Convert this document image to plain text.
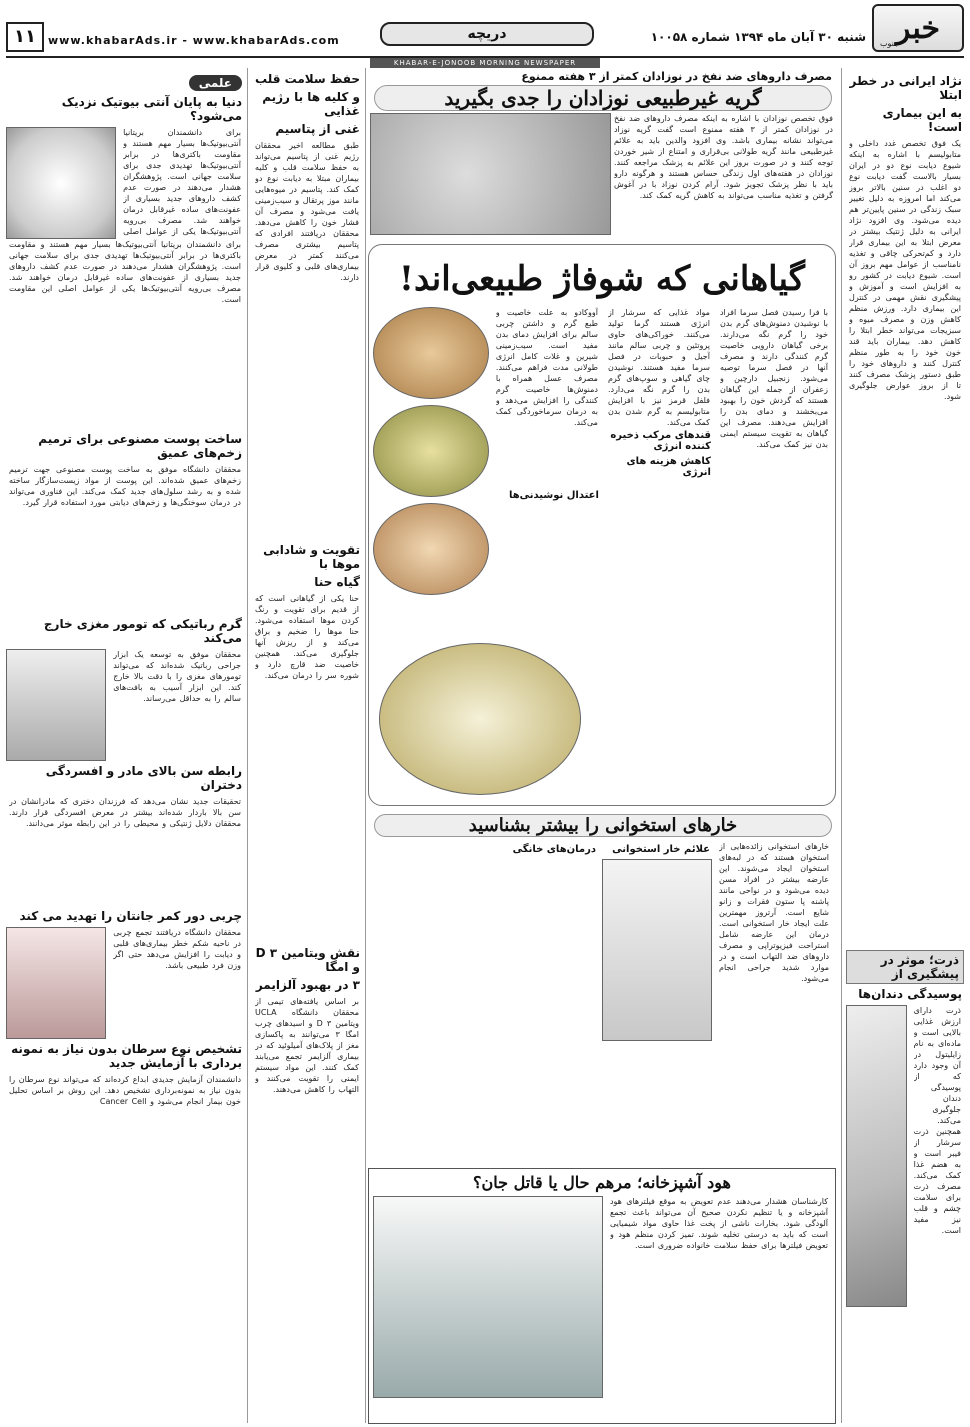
خبر
جنوب
شنبه ۳۰ آبان ماه ۱۳۹۴ شماره ۱۰۰۵۸
دریچه
www.khabarAds.ir - www.khabarAds.com
۱۱
KHABAR-E-JONOOB MORNING NEWSPAPER
نژاد ایرانی در خطر ابتلا
به این بیماری است!
یک فوق تخصص غدد داخلی و متابولیسم با اشاره به اینکه شیوع دیابت نوع دو در ایران بسیار بالاست گفت دیابت نوع دو اغلب در سنین بالاتر بروز می‌کند اما امروزه به دلیل تغییر سبک زندگی در سنین پایین‌تر هم دیده می‌شود. وی افزود نژاد ایرانی به دلیل ژنتیک بیشتر در معرض ابتلا به این بیماری قرار دارد و کم‌تحرکی چاقی و تغذیه نامناسب از عوامل مهم بروز آن است. شیوع دیابت در کشور رو به افزایش است و آموزش و پیشگیری نقش مهمی در کنترل این بیماری دارد. ورزش منظم کاهش وزن و مصرف میوه و سبزیجات می‌تواند خطر ابتلا را کاهش دهد. بیماران باید قند خون خود را به طور منظم کنترل کنند و داروهای خود را طبق دستور پزشک مصرف کنند تا از بروز عوارض جلوگیری شود.
ذرت؛ موثر در پیشگیری از
پوسیدگی دندان‌ها
ذرت دارای ارزش غذایی بالایی است و ماده‌ای به نام زایلیتول در آن وجود دارد که از پوسیدگی دندان جلوگیری می‌کند. همچنین ذرت سرشار از فیبر است و به هضم غذا کمک می‌کند. مصرف ذرت برای سلامت چشم و قلب نیز مفید است.
مصرف داروهای ضد نفخ در نوزادان کمتر از ۳ هفته ممنوع
گریه غیرطبیعی نوزادان را جدی بگیرید
فوق تخصص نوزادان با اشاره به اینکه مصرف داروهای ضد نفخ در نوزادان کمتر از ۳ هفته ممنوع است گفت گریه نوزاد می‌تواند نشانه بیماری باشد. وی افزود والدین باید به علائم غیرطبیعی مانند گریه طولانی بی‌قراری و امتناع از شیر خوردن توجه کنند و در صورت بروز این علائم به پزشک مراجعه کنند. نوزادان در هفته‌های اول زندگی حساس هستند و هرگونه دارو باید با نظر پزشک تجویز شود. آرام کردن نوزاد با در آغوش گرفتن و تغذیه مناسب می‌تواند به کاهش گریه کمک کند.
گیاهانی که شوفاژ طبیعی‌اند!
با فرا رسیدن فصل سرما افراد با نوشیدن دمنوش‌های گرم بدن خود را گرم نگه می‌دارند. برخی گیاهان دارویی خاصیت گرم کنندگی دارند و مصرف آنها در فصل سرما توصیه می‌شود. زنجبیل دارچین و زعفران از جمله این گیاهان هستند که گردش خون را بهبود می‌بخشند و دمای بدن را افزایش می‌دهند. مصرف این گیاهان به تقویت سیستم ایمنی بدن نیز کمک می‌کند.
مواد غذایی که سرشار از انرژی هستند گرما تولید می‌کنند. خوراکی‌های حاوی پروتئین و چربی سالم مانند آجیل و حبوبات در فصل سرما مفید هستند. نوشیدن چای گیاهی و سوپ‌های گرم بدن را گرم نگه می‌دارد. فلفل قرمز نیز با افزایش متابولیسم به گرم شدن بدن کمک می‌کند.
قندهای مرکب ذخیره کننده انرژی
کاهش هزینه های انرژی
آووکادو به علت خاصیت و طبع گرم و داشتن چربی سالم برای افزایش دمای بدن مفید است. سیب‌زمینی شیرین و غلات کامل انرژی طولانی مدت فراهم می‌کنند. مصرف عسل همراه با دمنوش‌ها خاصیت گرم کنندگی را افزایش می‌دهد و به درمان سرماخوردگی کمک می‌کند.
اعتدال نوشیدنی‌ها
خارهای استخوانی را بیشتر بشناسید
خارهای استخوانی زائده‌هایی از استخوان هستند که در لبه‌های استخوان ایجاد می‌شوند. این عارضه بیشتر در افراد مسن دیده می‌شود و در نواحی مانند پاشنه پا ستون فقرات و زانو شایع است. آرتروز مهمترین علت ایجاد خار استخوانی است. درمان این عارضه شامل استراحت فیزیوتراپی و مصرف داروهای ضد التهاب است و در موارد شدید جراحی انجام می‌شود.
علائم خار استخوانی
درمان‌های خانگی
هود آشپزخانه؛ مرهم حال یا قاتل جان؟
کارشناسان هشدار می‌دهند عدم تعویض به موقع فیلترهای هود آشپزخانه و یا تنظیم نکردن صحیح آن می‌تواند باعث تجمع آلودگی شود. بخارات ناشی از پخت غذا حاوی مواد شیمیایی است که باید به درستی تخلیه شوند. تمیز کردن منظم هود و تعویض فیلترها برای حفظ سلامت خانواده ضروری است.
حفظ سلامت قلب
و کلیه ها با رژیم غذایی
غنی از پتاسیم
طبق مطالعه اخیر محققان رژیم غنی از پتاسیم می‌تواند به حفظ سلامت قلب و کلیه بیماران مبتلا به دیابت نوع دو کمک کند. پتاسیم در میوه‌هایی مانند موز پرتقال و سیب‌زمینی یافت می‌شود و مصرف آن فشار خون را کاهش می‌دهد. محققان دریافتند افرادی که پتاسیم بیشتری مصرف می‌کنند کمتر در معرض بیماری‌های قلبی و کلیوی قرار دارند.
تقویت و شادابی موها با
گیاه حنا
حنا یکی از گیاهانی است که از قدیم برای تقویت و رنگ کردن موها استفاده می‌شود. حنا موها را ضخیم و براق می‌کند و از ریزش آنها جلوگیری می‌کند. همچنین خاصیت ضد قارچ دارد و شوره سر را درمان می‌کند.
نقش ویتامین D ۳ و امگا
۳ در بهبود آلزایمر
بر اساس یافته‌های تیمی از محققان دانشگاه UCLA ویتامین D ۳ و اسیدهای چرب امگا ۳ می‌توانند به پاکسازی مغز از پلاک‌های آمیلوئید که در بیماری آلزایمر تجمع می‌یابند کمک کنند. این مواد سیستم ایمنی را تقویت می‌کنند و التهاب را کاهش می‌دهند.
علمی
دنیا به پایان آنتی بیوتیک نزدیک می‌شود؟
برای دانشمندان بریتانیا آنتی‌بیوتیک‌ها بسیار مهم هستند و مقاومت باکتری‌ها در برابر آنتی‌بیوتیک‌ها تهدیدی جدی برای سلامت جهانی است. پژوهشگران هشدار می‌دهند در صورت عدم کشف داروهای جدید بسیاری از عفونت‌های ساده غیرقابل درمان خواهند شد. مصرف بی‌رویه آنتی‌بیوتیک‌ها یکی از عوامل اصلی
برای دانشمندان بریتانیا آنتی‌بیوتیک‌ها بسیار مهم هستند و مقاومت باکتری‌ها در برابر آنتی‌بیوتیک‌ها تهدیدی جدی برای سلامت جهانی است. پژوهشگران هشدار می‌دهند در صورت عدم کشف داروهای جدید بسیاری از عفونت‌های ساده غیرقابل درمان خواهند شد. مصرف بی‌رویه آنتی‌بیوتیک‌ها یکی از عوامل اصلی این مقاومت است.
ساخت پوست مصنوعی برای ترمیم زخم‌های عمیق
محققان دانشگاه موفق به ساخت پوست مصنوعی جهت ترمیم زخم‌های عمیق شده‌اند. این پوست از مواد زیست‌سازگار ساخته شده و به رشد سلول‌های جدید کمک می‌کند. این فناوری می‌تواند در درمان سوختگی‌ها و زخم‌های دیابتی مورد استفاده قرار گیرد.
گرم رباتیکی که تومور مغزی خارج می‌کند
محققان موفق به توسعه یک ابزار جراحی رباتیک شده‌اند که می‌تواند تومورهای مغزی را با دقت بالا خارج کند. این ابزار آسیب به بافت‌های سالم را به حداقل می‌رساند.
رابطه سن بالای مادر و افسردگی دختران
تحقیقات جدید نشان می‌دهد که فرزندان دختری که مادرانشان در سن بالا باردار شده‌اند بیشتر در معرض افسردگی قرار دارند. محققان دلایل ژنتیکی و محیطی را در این رابطه موثر می‌دانند.
چربی دور کمر جانتان را تهدید می کند
محققان دانشگاه دریافتند تجمع چربی در ناحیه شکم خطر بیماری‌های قلبی و دیابت را افزایش می‌دهد حتی اگر وزن فرد طبیعی باشد.
تشخیص نوع سرطان بدون نیاز به نمونه برداری با آزمایش جدید
دانشمندان آزمایش جدیدی ابداع کرده‌اند که می‌تواند نوع سرطان را بدون نیاز به نمونه‌برداری تشخیص دهد. این روش بر اساس تحلیل خون بیمار انجام می‌شود و Cancer Cell
